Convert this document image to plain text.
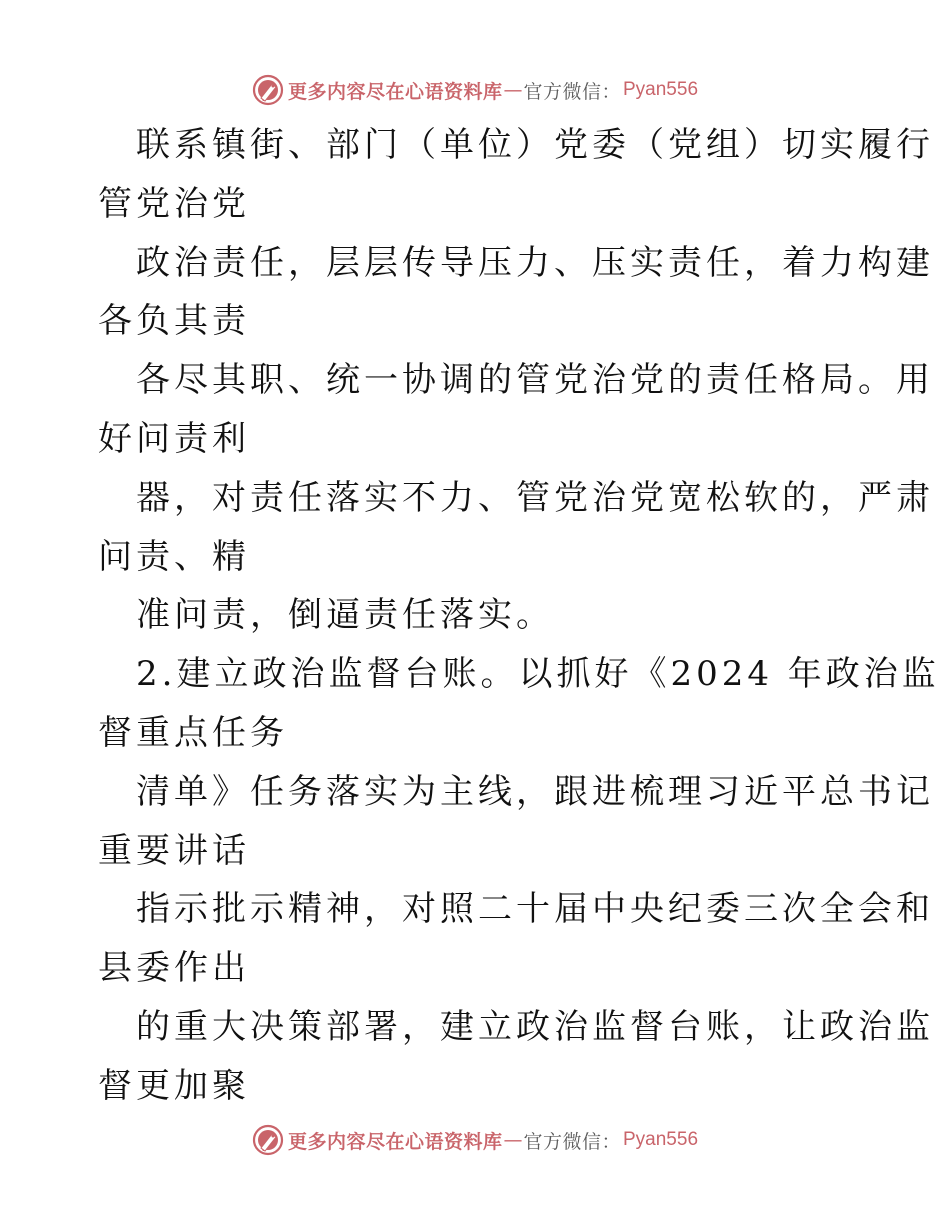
更多内容尽在心语资料库 — 官方微信： Pyan556
联系镇街、部门（单位）党委（党组）切实履行
管党治党
政治责任，层层传导压力、压实责任，着力构建
各负其责
各尽其职、统一协调的管党治党的责任格局。用
好问责利
器，对责任落实不力、管党治党宽松软的，严肃
问责、精
准问责，倒逼责任落实。
2.建立政治监督台账。以抓好《2024 年政治监
督重点任务
清单》任务落实为主线，跟进梳理习近平总书记
重要讲话
指示批示精神，对照二十届中央纪委三次全会和
县委作出
的重大决策部署，建立政治监督台账，让政治监
督更加聚
更多内容尽在心语资料库 — 官方微信： Pyan556
